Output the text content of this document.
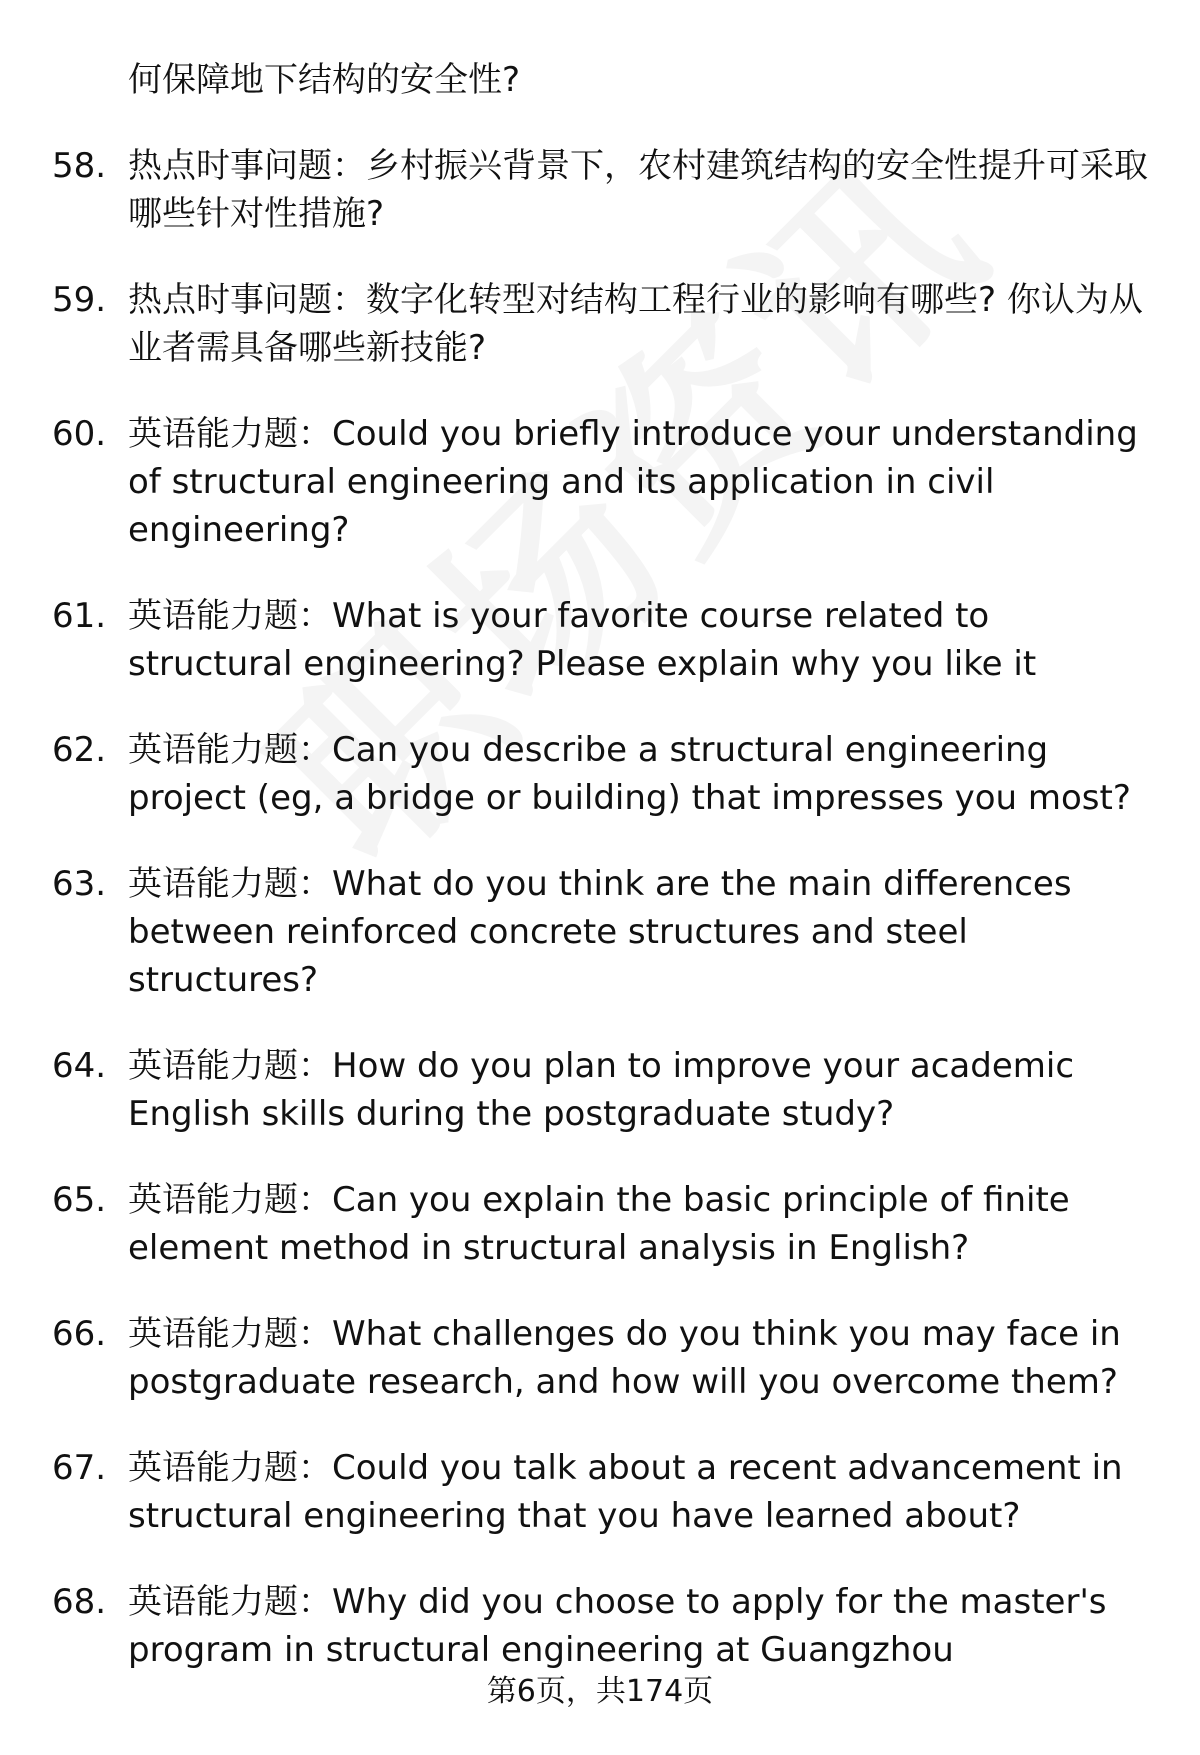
何保障地下结构的安全性?
58. 热点时事问题：乡村振兴背景下，农村建筑结构的安全性提升可采取哪些针对性措施?
59. 热点时事问题：数字化转型对结构工程行业的影响有哪些? 你认为从业者需具备哪些新技能?
60. 英语能力题：Could you briefly introduce your understanding of structural engineering and its application in civil engineering?
61. 英语能力题：What is your favorite course related to structural engineering? Please explain why you like it
62. 英语能力题：Can you describe a structural engineering project (eg, a bridge or building) that impresses you most?
63. 英语能力题：What do you think are the main differences between reinforced concrete structures and steel structures?
64. 英语能力题：How do you plan to improve your academic English skills during the postgraduate study?
65. 英语能力题：Can you explain the basic principle of finite element method in structural analysis in English?
66. 英语能力题：What challenges do you think you may face in postgraduate research, and how will you overcome them?
67. 英语能力题：Could you talk about a recent advancement in structural engineering that you have learned about?
68. 英语能力题：Why did you choose to apply for the master's program in structural engineering at Guangzhou
第6页，共174页
